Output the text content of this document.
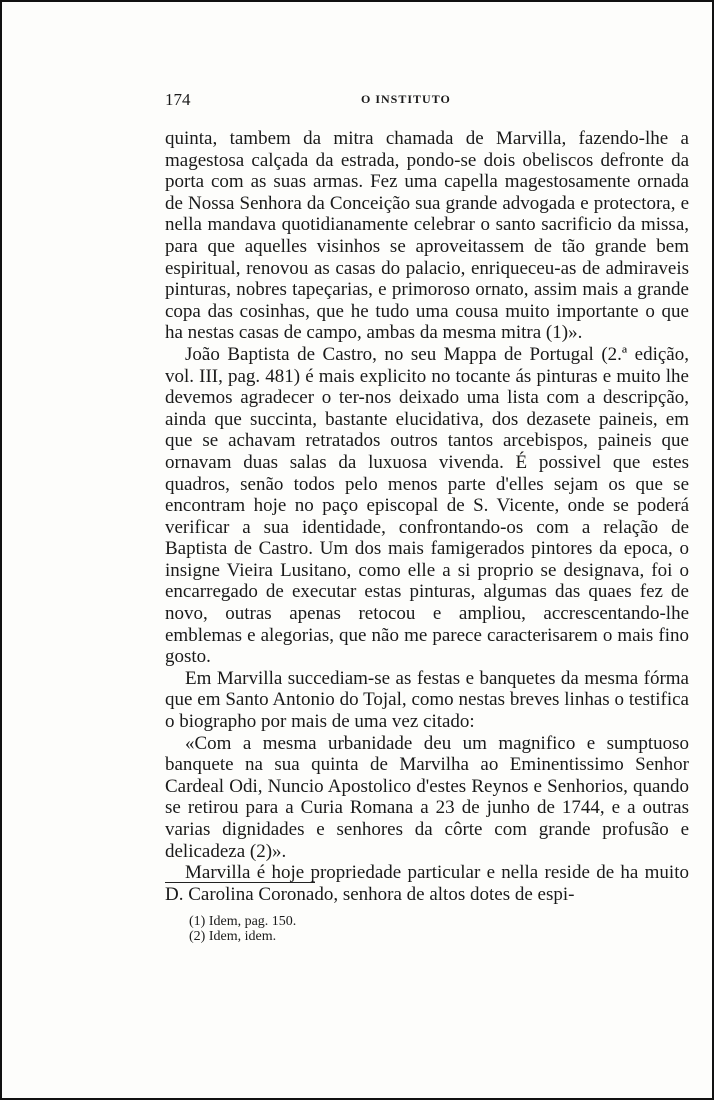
174	O INSTITUTO

quinta, tambem da mitra chamada de Marvilla, fazendo-lhe a magestosa calçada da estrada, pondo-se dois obeliscos defronte da porta com as suas armas. Fez uma capella magestosamente ornada de Nossa Senhora da Conceição sua grande advogada e protectora, e nella mandava quotidianamente celebrar o santo sacrificio da missa, para que aquelles visinhos se aproveitassem de tão grande bem espiritual, renovou as casas do palacio, enriqueceu-as de admiraveis pinturas, nobres tapeçarias, e primoroso ornato, assim mais a grande copa das cosinhas, que he tudo uma cousa muito importante o que ha nestas casas de campo, ambas da mesma mitra (1)».

João Baptista de Castro, no seu Mappa de Portugal (2.ª edição, vol. III, pag. 481) é mais explicito no tocante ás pinturas e muito lhe devemos agradecer o ter-nos deixado uma lista com a descripção, ainda que succinta, bastante elucidativa, dos dezasete paineis, em que se achavam retratados outros tantos arcebispos, paineis que ornavam duas salas da luxuosa vivenda. É possivel que estes quadros, senão todos pelo menos parte d'elles sejam os que se encontram hoje no paço episcopal de S. Vicente, onde se poderá verificar a sua identidade, confrontando-os com a relação de Baptista de Castro. Um dos mais famigerados pintores da epoca, o insigne Vieira Lusitano, como elle a si proprio se designava, foi o encarregado de executar estas pinturas, algumas das quaes fez de novo, outras apenas retocou e ampliou, accrescentando-lhe emblemas e alegorias, que não me parece caracterisarem o mais fino gosto.

Em Marvilla succediam-se as festas e banquetes da mesma fórma que em Santo Antonio do Tojal, como nestas breves linhas o testifica o biographo por mais de uma vez citado:

«Com a mesma urbanidade deu um magnifico e sumptuoso banquete na sua quinta de Marvilha ao Eminentissimo Senhor Cardeal Odi, Nuncio Apostolico d'estes Reynos e Senhorios, quando se retirou para a Curia Romana a 23 de junho de 1744, e a outras varias dignidades e senhores da côrte com grande profusão e delicadeza (2)».

Marvilla é hoje propriedade particular e nella reside de ha muito D. Carolina Coronado, senhora de altos dotes de espi-

(1) Idem, pag. 150.

(2) Idem, idem.
